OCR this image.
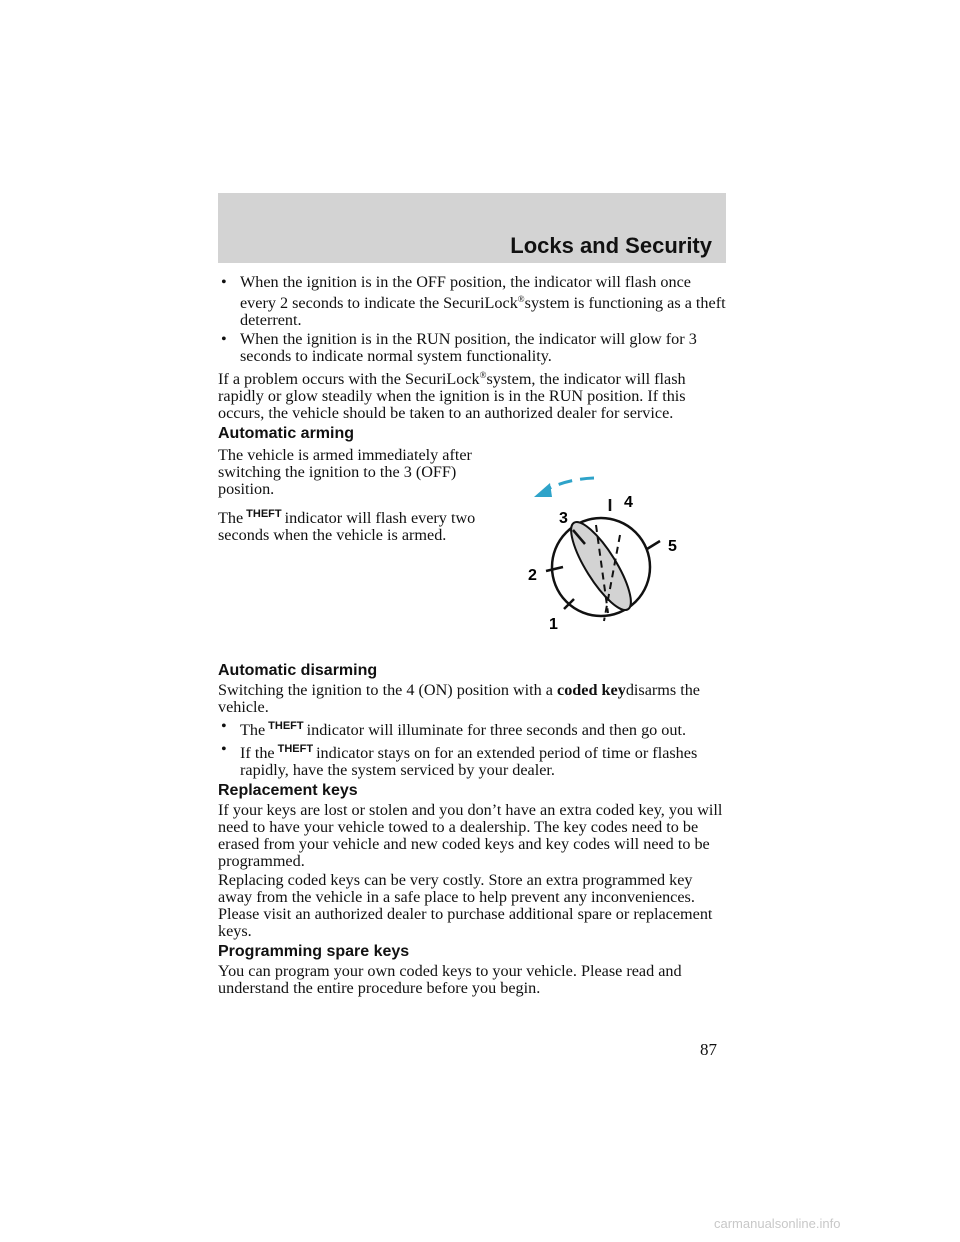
Locks and Security
• When the ignition is in the OFF position, the indicator will flash once every 2 seconds to indicate the SecuriLock®system is functioning as a theft deterrent.
• When the ignition is in the RUN position, the indicator will glow for 3 seconds to indicate normal system functionality.

If a problem occurs with the SecuriLock®system, the indicator will flash rapidly or glow steadily when the ignition is in the RUN position. If this occurs, the vehicle should be taken to an authorized dealer for service.

Automatic arming

The vehicle is armed immediately after switching the ignition to the 3 (OFF) position.

The $^{THEFT}$ indicator will flash every two seconds when the vehicle is armed.

4
3
5
2
1
Automatic disarming

Switching the ignition to the 4 (ON) position with a coded keydisarms the vehicle.

• The $^{THEFT}$ indicator will illuminate for three seconds and then go out.
• If the $^{THEFT}$ indicator stays on for an extended period of time or flashes rapidly, have the system serviced by your dealer.
Replacement keys

If your keys are lost or stolen and you don’t have an extra coded key, you will need to have your vehicle towed to a dealership. The key codes need to be erased from your vehicle and new coded keys and key codes will need to be programmed.

Replacing coded keys can be very costly. Store an extra programmed key away from the vehicle in a safe place to help prevent any inconveniences. Please visit an authorized dealer to purchase additional spare or replacement keys.

Programming spare keys

You can program your own coded keys to your vehicle. Please read and understand the entire procedure before you begin.

87
carmanualsonline.info
